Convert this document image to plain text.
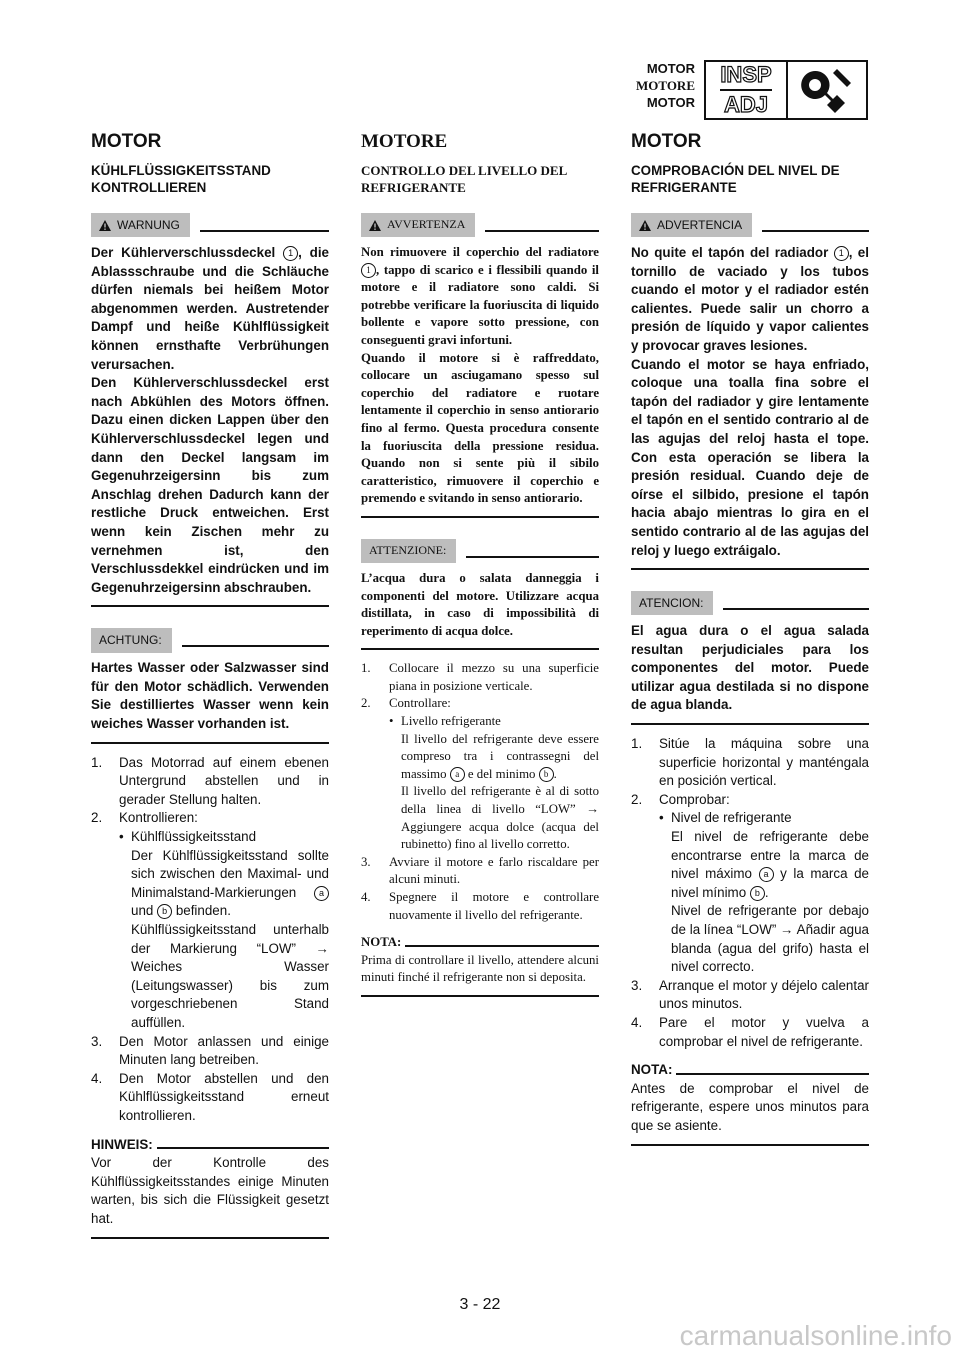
MOTOR
MOTORE
MOTOR
INSP
ADJ
MOTOR
KÜHLFLÜSSIGKEITSSTAND KONTROLLIEREN
WARNUNG

Der Kühlerverschlussdeckel 1 , die Ablassschraube und die Schläuche dürfen niemals bei heißem Motor abgenommen werden. Austretender Dampf und heiße Kühlflüssigkeit können ernsthafte Verbrühungen verursachen.

Den Kühlerverschlussdeckel erst nach Abkühlen des Motors öffnen. Dazu einen dicken Lappen über den Kühlerverschlussdeckel legen und dann den Deckel langsam im Gegenuhrzeigersinn bis zum Anschlag drehen Dadurch kann der restliche Druck entweichen. Erst wenn kein Zischen mehr zu vernehmen ist, den Verschlussdekkel eindrücken und im Gegenuhrzeigersinn abschrauben.

ACHTUNG:

Hartes Wasser oder Salzwasser sind für den Motor schädlich. Verwenden Sie destilliertes Wasser wenn kein weiches Wasser vorhanden ist.

1. Das Motorrad auf einem ebenen Untergrund abstellen und in gerader Stellung halten.
2. Kontrollieren:
• Kühlflüssigkeitsstand
Der Kühlflüssigkeitsstand sollte sich zwischen den Maximal- und Minimalstand-Markierungen	a und b befinden.
Kühlflüssigkeitsstand unterhalb der Markierung “LOW” → Weiches Wasser (Leitungswasser) bis zum vorgeschriebenen Stand auffüllen.
3. Den Motor anlassen und einige Minuten lang betreiben.
4. Den Motor abstellen und den Kühlflüssigkeitsstand erneut kontrollieren.
HINWEIS:

Vor der Kontrolle des Kühlflüssigkeitsstandes einige Minuten warten, bis sich die Flüssigkeit gesetzt hat.

MOTORE
CONTROLLO DEL LIVELLO DEL REFRIGERANTE
AVVERTENZA

Non rimuovere il coperchio del radiatore 1 , tappo di scarico e i flessibili quando il motore e il radiatore sono caldi. Si potrebbe verificare la fuoriuscita di liquido bollente e vapore sotto pressione, con conseguenti gravi infortuni.

Quando il motore si è raffreddato, collocare un asciugamano spesso sul coperchio del radiatore e ruotare lentamente il coperchio in senso antiorario fino al fermo. Questa procedura consente la fuoriuscita della pressione residua. Quando non si sente più il sibilo caratteristico, rimuovere il coperchio e premendo e svitando in senso antiorario.

ATTENZIONE:

L’acqua dura o salata danneggia i componenti del motore. Utilizzare acqua distillata, in caso di impossibilità di reperimento di acqua dolce.

1. Collocare il mezzo su una superficie piana in posizione verticale.
2. Controllare:
• Livello refrigerante
Il livello del refrigerante deve essere compreso tra i contrassegni del massimo a e del minimo b .
Il livello del refrigerante è al di sotto della linea di livello “LOW” → Aggiungere acqua dolce (acqua del rubinetto) fino al livello corretto.
3. Avviare il motore e farlo riscaldare per alcuni minuti.
4. Spegnere il motore e controllare nuovamente il livello del refrigerante.
NOTA:

Prima di controllare il livello, attendere alcuni minuti finché il refrigerante non si deposita.

MOTOR
COMPROBACIÓN DEL NIVEL DE REFRIGERANTE
ADVERTENCIA

No quite el tapón del radiador 1 , el tornillo de vaciado y los tubos cuando el motor y el radiador estén calientes. Puede salir un chorro a presión de líquido y vapor calientes y provocar graves lesiones.

Cuando el motor se haya enfriado, coloque una toalla fina sobre el tapón del radiador y gire lentamente el tapón en el sentido contrario al de las agujas del reloj hasta el tope. Con esta operación se libera la presión residual. Cuando deje de oírse el silbido, presione el tapón hacia abajo mientras lo gira en el sentido contrario al de las agujas del reloj y luego extráigalo.

ATENCION:

El agua dura o el agua salada resultan perjudiciales para los componentes del motor. Puede utilizar agua destilada si no dispone de agua blanda.

1. Sitúe la máquina sobre una superficie horizontal y manténgala en posición vertical.
2. Comprobar:
• Nivel de refrigerante
El nivel de refrigerante debe encontrarse entre la marca de nivel máximo a y la marca de nivel mínimo b .
Nivel de refrigerante por debajo de la línea “LOW” → Añadir agua blanda (agua del grifo) hasta el nivel correcto.
3. Arranque el motor y déjelo calentar unos minutos.
4. Pare el motor y vuelva a comprobar el nivel de refrigerante.
NOTA:

Antes de comprobar el nivel de refrigerante, espere unos minutos para que se asiente.

3 - 22
carmanualsonline.info
